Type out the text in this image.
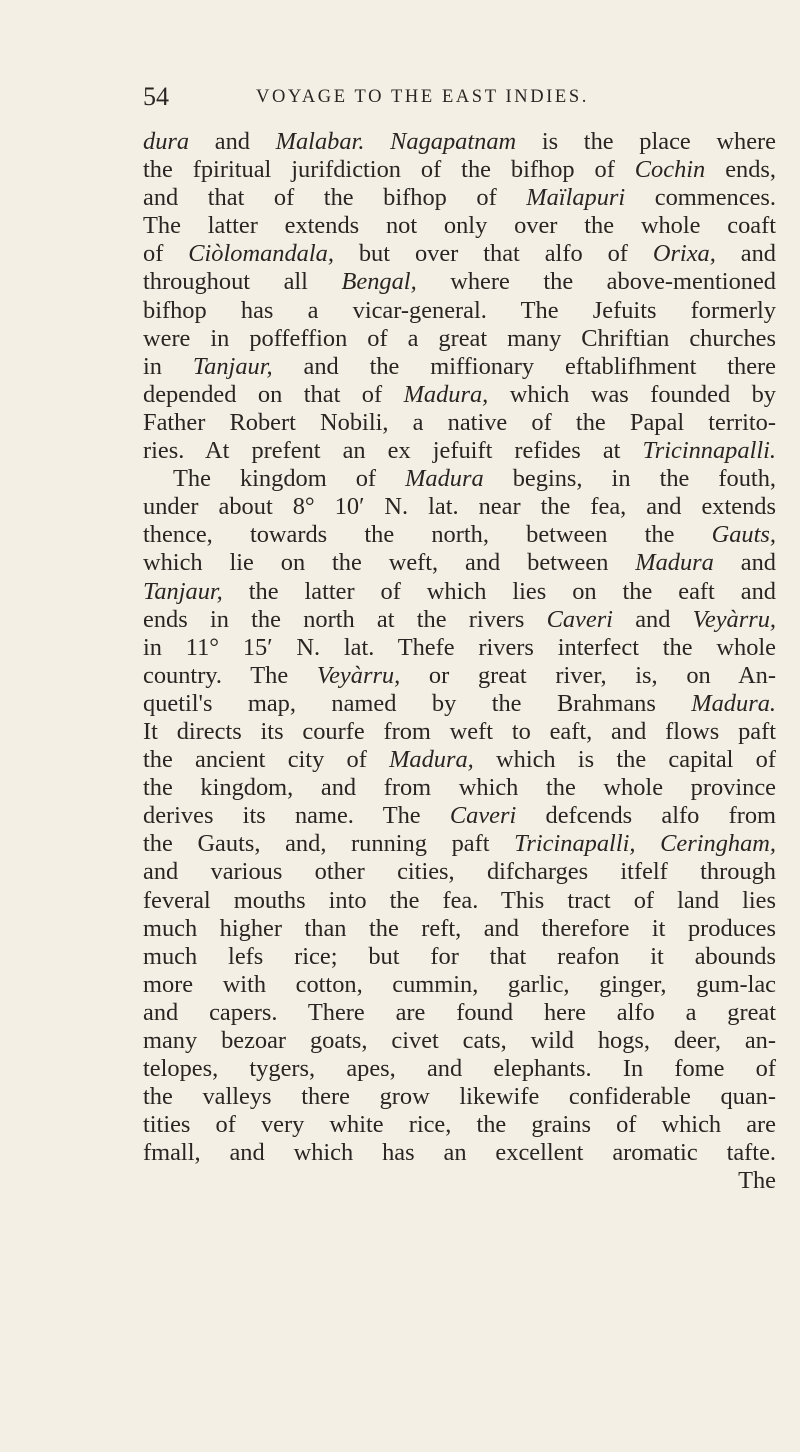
54	VOYAGE TO THE EAST INDIES.
dura and Malabar. Nagapatnam is the place where
the fpiritual jurifdiction of the bifhop of Cochin ends,
and that of the bifhop of Maïlapuri commences.
The latter extends not only over the whole coaft
of Ciòlomandala, but over that alfo of Orixa, and
throughout all Bengal, where the above-mentioned
bifhop has a vicar-general. The Jefuits formerly
were in poffeffion of a great many Chriftian churches
in Tanjaur, and the miffionary eftablifhment there
depended on that of Madura, which was founded by
Father Robert Nobili, a native of the Papal territo-
ries. At prefent an ex jefuift refides at Tricinnapalli.
The kingdom of Madura begins, in the fouth,
under about 8° 10′ N. lat. near the fea, and extends
thence, towards the north, between the Gauts,
which lie on the weft, and between Madura and
Tanjaur, the latter of which lies on the eaft and
ends in the north at the rivers Caveri and Veyàrru,
in 11° 15′ N. lat. Thefe rivers interfect the whole
country. The Veyàrru, or great river, is, on An-
quetil's map, named by the Brahmans Madura.
It directs its courfe from weft to eaft, and flows paft
the ancient city of Madura, which is the capital of
the kingdom, and from which the whole province
derives its name. The Caveri defcends alfo from
the Gauts, and, running paft Tricinapalli, Ceringham,
and various other cities, difcharges itfelf through
feveral mouths into the fea. This tract of land lies
much higher than the reft, and therefore it produces
much lefs rice; but for that reafon it abounds
more with cotton, cummin, garlic, ginger, gum-lac
and capers. There are found here alfo a great
many bezoar goats, civet cats, wild hogs, deer, an-
telopes, tygers, apes, and elephants. In fome of
the valleys there grow likewife confiderable quan-
tities of very white rice, the grains of which are
fmall, and which has an excellent aromatic tafte.
The
